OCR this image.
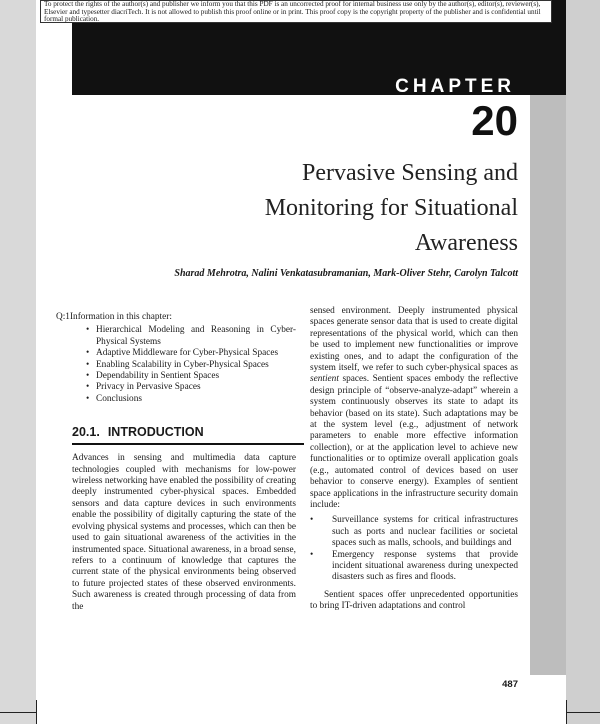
To protect the rights of the author(s) and publisher we inform you that this PDF is an uncorrected proof for internal business use only by the author(s), editor(s), reviewer(s), Elsevier and typesetter diacriTech. It is not allowed to publish this proof online or in print. This proof copy is the copyright property of the publisher and is confidential until formal publication.
CHAPTER
20
Pervasive Sensing and Monitoring for Situational Awareness
Sharad Mehrotra, Nalini Venkatasubramanian, Mark-Oliver Stehr, Carolyn Talcott
Q:1Information in this chapter:
• Hierarchical Modeling and Reasoning in Cyber-Physical Systems
• Adaptive Middleware for Cyber-Physical Spaces
• Enabling Scalability in Cyber-Physical Spaces
• Dependability in Sentient Spaces
• Privacy in Pervasive Spaces
• Conclusions
20.1. INTRODUCTION

Advances in sensing and multimedia data capture technologies coupled with mechanisms for low-power wireless networking have enabled the possibility of creating deeply instrumented cyber-physical spaces. Embedded sensors and data capture devices in such environments enable the possibility of digitally capturing the state of the evolving physical systems and processes, which can then be used to gain situational awareness of the activities in the instrumented space. Situational awareness, in a broad sense, refers to a continuum of knowledge that captures the current state of the physical environments being observed to future projected states of these observed environments. Such awareness is created through processing of data from the

sensed environment. Deeply instrumented physical spaces generate sensor data that is used to create digital representations of the physical world, which can then be used to implement new functionalities or improve existing ones, and to adapt the configuration of the system itself, we refer to such cyber-physical spaces as sentient spaces. Sentient spaces embody the reflective design principle of “observe-analyze-adapt” wherein a system continuously observes its state to adapt its behavior (based on its state). Such adaptations may be at the system level (e.g., adjustment of network parameters to enable more effective information collection), or at the application level to achieve new functionalities or to optimize overall application goals (e.g., automated control of devices based on user behavior to conserve energy). Examples of sentient space applications in the infrastructure security domain include:

• Surveillance systems for critical infrastructures such as ports and nuclear facilities or societal spaces such as malls, schools, and buildings and
• Emergency response systems that provide incident situational awareness during unexpected disasters such as fires and floods.

Sentient spaces offer unprecedented opportunities to bring IT-driven adaptations and control

487
